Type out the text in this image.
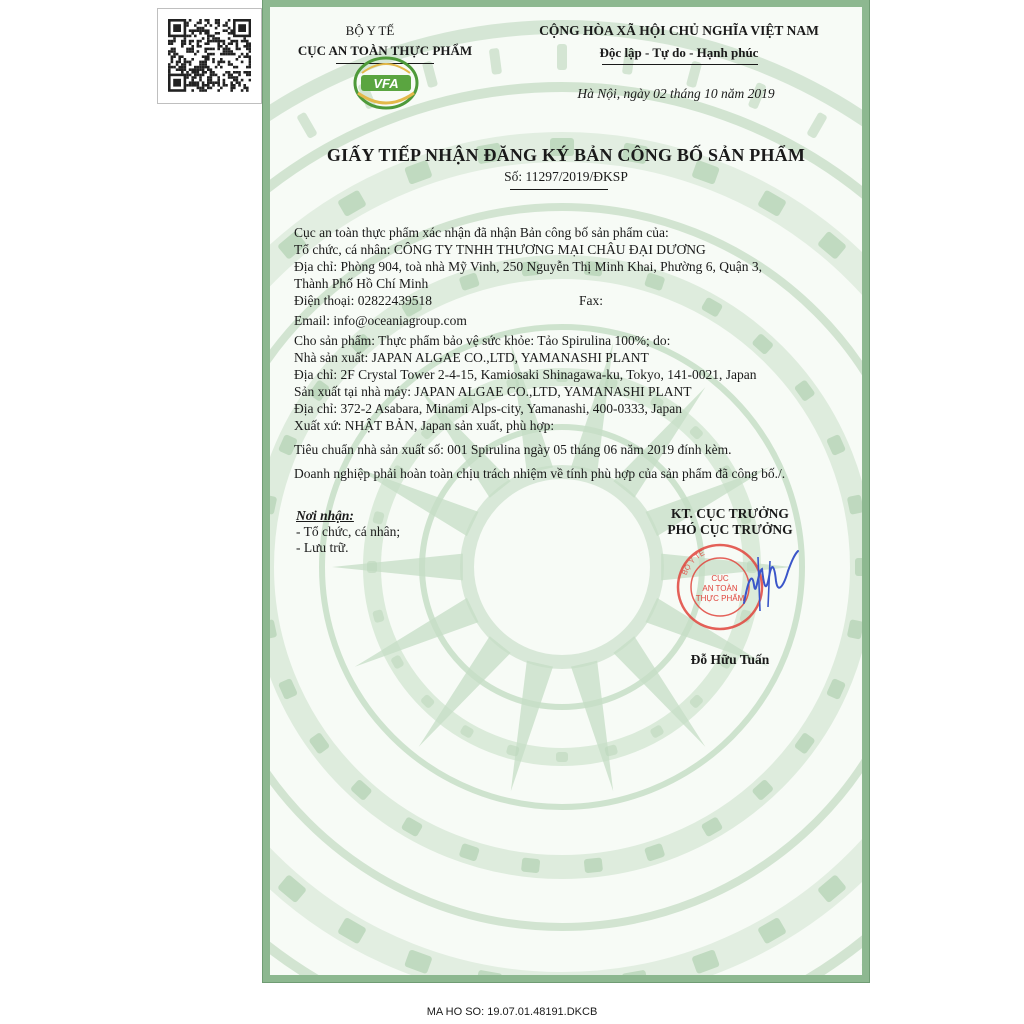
BỘ Y TẾ
CỤC AN TOÀN THỰC PHẨM
VFA
CỘNG HÒA XÃ HỘI CHỦ NGHĨA VIỆT NAM
Độc lập - Tự do - Hạnh phúc
Hà Nội, ngày 02 tháng 10 năm 2019
GIẤY TIẾP NHẬN ĐĂNG KÝ BẢN CÔNG BỐ SẢN PHẨM
Số: 11297/2019/ĐKSP
Cục an toàn thực phẩm xác nhận đã nhận Bản công bố sản phẩm của:
Tổ chức, cá nhân: CÔNG TY TNHH THƯƠNG MẠI CHÂU ĐẠI DƯƠNG
Địa chỉ: Phòng 904, toà nhà Mỹ Vinh, 250 Nguyễn Thị Minh Khai, Phường 6, Quận 3,
Thành Phố Hồ Chí Minh
Điện thoại: 02822439518	Fax:
Email: info@oceaniagroup.com
Cho sản phẩm: Thực phẩm bảo vệ sức khỏe: Tảo Spirulina 100%; do:
Nhà sản xuất: JAPAN ALGAE CO.,LTD, YAMANASHI PLANT
Địa chỉ: 2F Crystal Tower 2-4-15, Kamiosaki Shinagawa-ku, Tokyo, 141-0021, Japan
Sản xuất tại nhà máy: JAPAN ALGAE CO.,LTD, YAMANASHI PLANT
Địa chỉ: 372-2 Asabara, Minami Alps-city, Yamanashi, 400-0333, Japan
Xuất xứ: NHẬT BẢN, Japan sản xuất, phù hợp:
Tiêu chuẩn nhà sản xuất số: 001 Spirulina ngày 05 tháng 06 năm 2019 đính kèm.
Doanh nghiệp phải hoàn toàn chịu trách nhiệm về tính phù hợp của sản phẩm đã công bố./.
Nơi nhận:
- Tổ chức, cá nhân;
- Lưu trữ.
KT. CỤC TRƯỞNG
PHÓ CỤC TRƯỞNG
BỘ Y TẾ
CỤC
AN TOÀN
THỰC PHẨM
Đỗ Hữu Tuấn
MA HO SO: 19.07.01.48191.DKCB
